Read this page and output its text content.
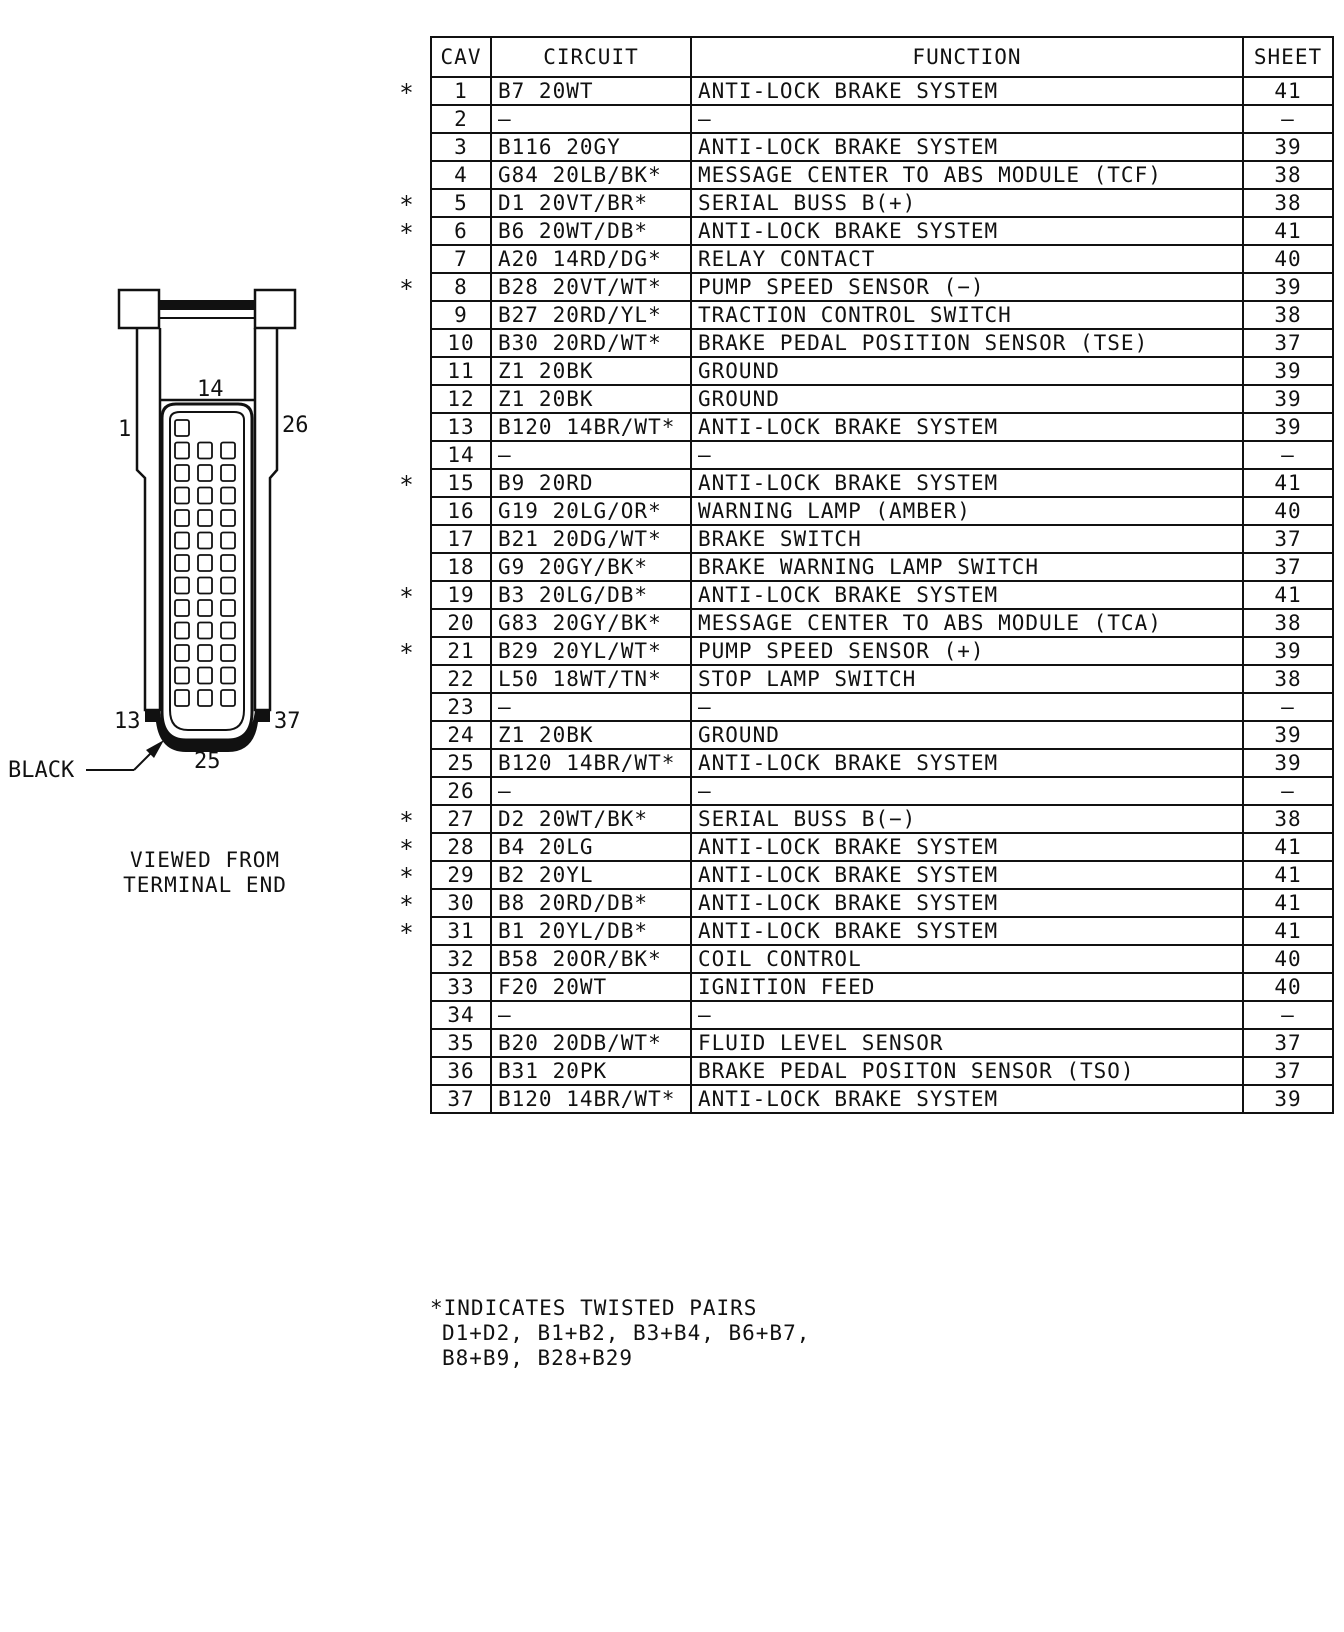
14
1	26
13	37
25
BLACK
VIEWED FROM
TERMINAL END
CAV	CIRCUIT	FUNCTION	SHEET

* 1	B7 20WT	ANTI-LOCK BRAKE SYSTEM	41

2	—	—	—

3	B116 20GY	ANTI-LOCK BRAKE SYSTEM	39

4	G84 20LB/BK*	MESSAGE CENTER TO ABS MODULE (TCF)	38

* 5	D1 20VT/BR*	SERIAL BUSS B(+)	38

* 6	B6 20WT/DB*	ANTI-LOCK BRAKE SYSTEM	41

7	A20 14RD/DG*	RELAY CONTACT	40

* 8	B28 20VT/WT*	PUMP SPEED SENSOR (−)	39

9	B27 20RD/YL*	TRACTION CONTROL SWITCH	38

10	B30 20RD/WT*	BRAKE PEDAL POSITION SENSOR (TSE)	37

11	Z1 20BK	GROUND	39

12	Z1 20BK	GROUND	39

13	B120 14BR/WT*	ANTI-LOCK BRAKE SYSTEM	39

14	—	—	—

* 15	B9 20RD	ANTI-LOCK BRAKE SYSTEM	41

16	G19 20LG/OR*	WARNING LAMP (AMBER)	40

17	B21 20DG/WT*	BRAKE SWITCH	37

18	G9 20GY/BK*	BRAKE WARNING LAMP SWITCH	37

* 19	B3 20LG/DB*	ANTI-LOCK BRAKE SYSTEM	41

20	G83 20GY/BK*	MESSAGE CENTER TO ABS MODULE (TCA)	38

* 21	B29 20YL/WT*	PUMP SPEED SENSOR (+)	39

22	L50 18WT/TN*	STOP LAMP SWITCH	38

23	—	—	—

24	Z1 20BK	GROUND	39

25	B120 14BR/WT*	ANTI-LOCK BRAKE SYSTEM	39

26	—	—	—

* 27	D2 20WT/BK*	SERIAL BUSS B(−)	38

* 28	B4 20LG	ANTI-LOCK BRAKE SYSTEM	41

* 29	B2 20YL	ANTI-LOCK BRAKE SYSTEM	41

* 30	B8 20RD/DB*	ANTI-LOCK BRAKE SYSTEM	41

* 31	B1 20YL/DB*	ANTI-LOCK BRAKE SYSTEM	41

32	B58 20OR/BK*	COIL CONTROL	40

33	F20 20WT	IGNITION FEED	40

34	—	—	—

35	B20 20DB/WT*	FLUID LEVEL SENSOR	37

36	B31 20PK	BRAKE PEDAL POSITON SENSOR (TSO)	37

37	B120 14BR/WT*	ANTI-LOCK BRAKE SYSTEM	39
*INDICATES TWISTED PAIRS
D1+D2, B1+B2, B3+B4, B6+B7,
B8+B9, B28+B29
